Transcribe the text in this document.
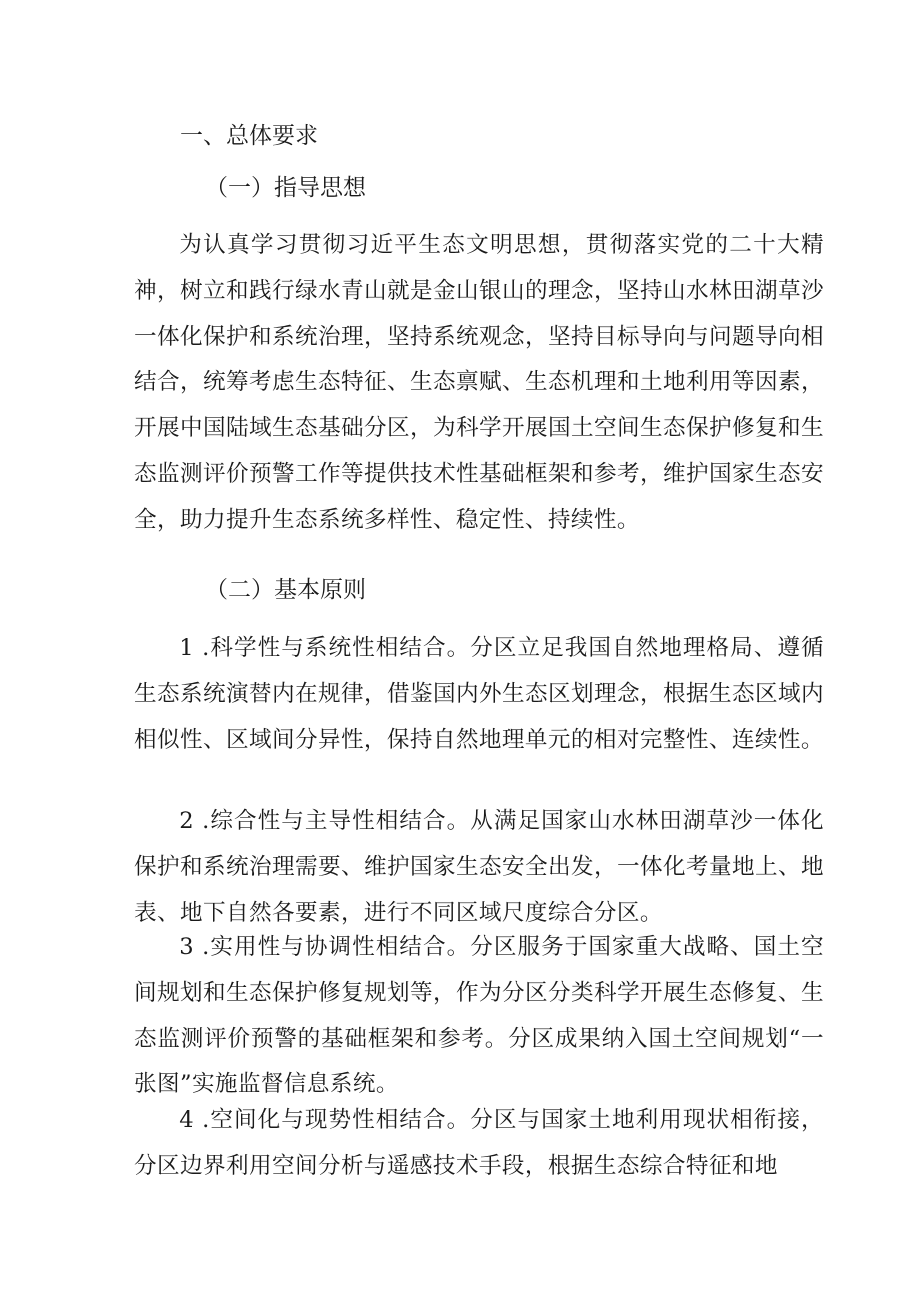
一、总体要求
（一）指导思想

为认真学习贯彻习近平生态文明思想，贯彻落实党的二十大精神，树立和践行绿水青山就是金山银山的理念，坚持山水林田湖草沙一体化保护和系统治理，坚持系统观念，坚持目标导向与问题导向相结合，统筹考虑生态特征、生态禀赋、生态机理和土地利用等因素，开展中国陆域生态基础分区，为科学开展国土空间生态保护修复和生态监测评价预警工作等提供技术性基础框架和参考，维护国家生态安全，助力提升生态系统多样性、稳定性、持续性。

（二）基本原则

1 .科学性与系统性相结合。分区立足我国自然地理格局、遵循生态系统演替内在规律，借鉴国内外生态区划理念，根据生态区域内相似性、区域间分异性，保持自然地理单元的相对完整性、连续性。

2 .综合性与主导性相结合。从满足国家山水林田湖草沙一体化保护和系统治理需要、维护国家生态安全出发，一体化考量地上、地表、地下自然各要素，进行不同区域尺度综合分区。

3 .实用性与协调性相结合。分区服务于国家重大战略、国土空间规划和生态保护修复规划等，作为分区分类科学开展生态修复、生态监测评价预警的基础框架和参考。分区成果纳入国土空间规划“一张图”实施监督信息系统。

4 .空间化与现势性相结合。分区与国家土地利用现状相衔接，分区边界利用空间分析与遥感技术手段，根据生态综合特征和地
